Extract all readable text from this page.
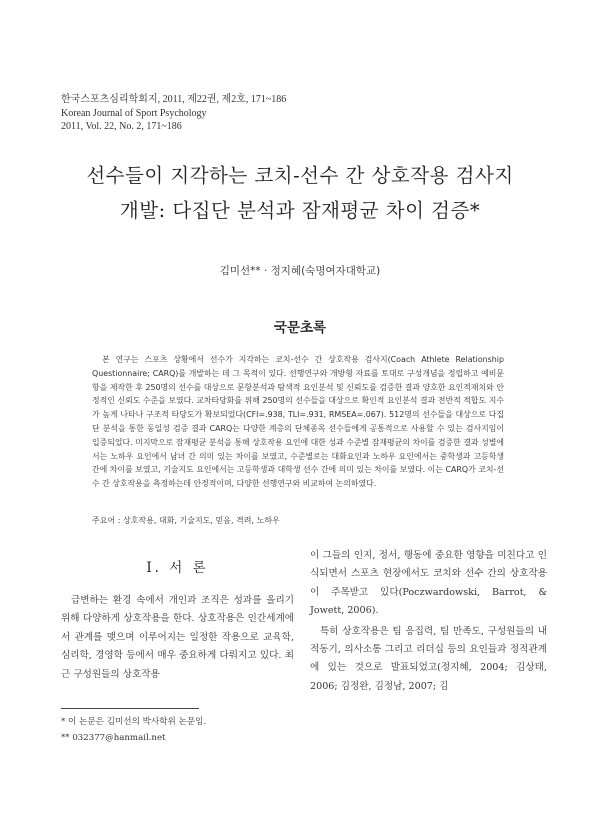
한국스포츠심리학회지, 2011, 제22권, 제2호, 171~186
Korean Journal of Sport Psychology
2011, Vol. 22, No. 2, 171~186
선수들이 지각하는 코치-선수 간 상호작용 검사지
개발: 다집단 분석과 잠재평균 차이 검증*
김미선** · 정지혜(숙명여자대학교)
국문초록
본 연구는 스포츠 상황에서 선수가 지각하는 코치-선수 간 상호작용 검사지(Coach Athlete Relationship Questionnaire; CARQ)를 개발하는 데 그 목적이 있다. 선행연구와 개방형 자료를 토대로 구성개념을 정립하고 예비문항을 제작한 후 250명의 선수를 대상으로 문항분석과 탐색적 요인분석 및 신뢰도를 검증한 결과 양호한 요인적재치와 안정적인 신뢰도 수준을 보였다. 교차타당화를 위해 250명의 선수들을 대상으로 확인적 요인분석 결과 전반적 적합도 지수가 높게 나타나 구조적 타당도가 확보되었다(CFI=.938, TLI=.931, RMSEA=.067). 512명의 선수들을 대상으로 다집단 분석을 통한 동일성 검증 결과 CARQ는 다양한 계층의 단체종목 선수들에게 공통적으로 사용할 수 있는 검사지임이 입증되었다. 미지막으로 잠재평균 분석을 통해 상호작용 요인에 대한 성과 수준별 잠재평균의 차이를 검증한 결과 성별에서는 노하우 요인에서 남녀 간 의미 있는 차이를 보였고, 수준별로는 대화요인과 노하우 요인에서는 중학생과 고등학생 간에 차이를 보였고, 기술지도 요인에서는 고등학생과 대학생 선수 간에 의미 있는 차이를 보였다. 이는 CARQ가 코치-선수 간 상호작용을 측정하는데 안정적이며, 다양한 선행연구와 비교하여 논의하였다.
주요어 : 상호작용, 대화, 기술지도, 믿음, 격려, 노하우
Ⅰ. 서 론
급변하는 환경 속에서 개인과 조직은 성과를 올리기 위해 다양하게 상호작용을 한다. 상호작용은 인간세계에서 관계를 맺으며 이루어지는 일정한 작용으로 교육학, 심리학, 경영학 등에서 매우 중요하게 다뤄지고 있다. 최근 구성원들의 상호작용
이 그들의 인지, 정서, 행동에 중요한 영향을 미친다고 인식되면서 스포츠 현장에서도 코치와 선수 간의 상호작용이 주목받고 있다(Poczwardowski, Barrot, & Jowett, 2006).
특히 상호작용은 팀 응집력, 팀 만족도, 구성원들의 내적동기, 의사소통 그리고 리더십 등의 요인들과 정적관계에 있는 것으로 발표되었고(정지혜, 2004; 김상태, 2006; 김정완, 김정남, 2007; 김
* 이 논문은 김미선의 박사학위 논문임.
** 032377@hanmail.net
